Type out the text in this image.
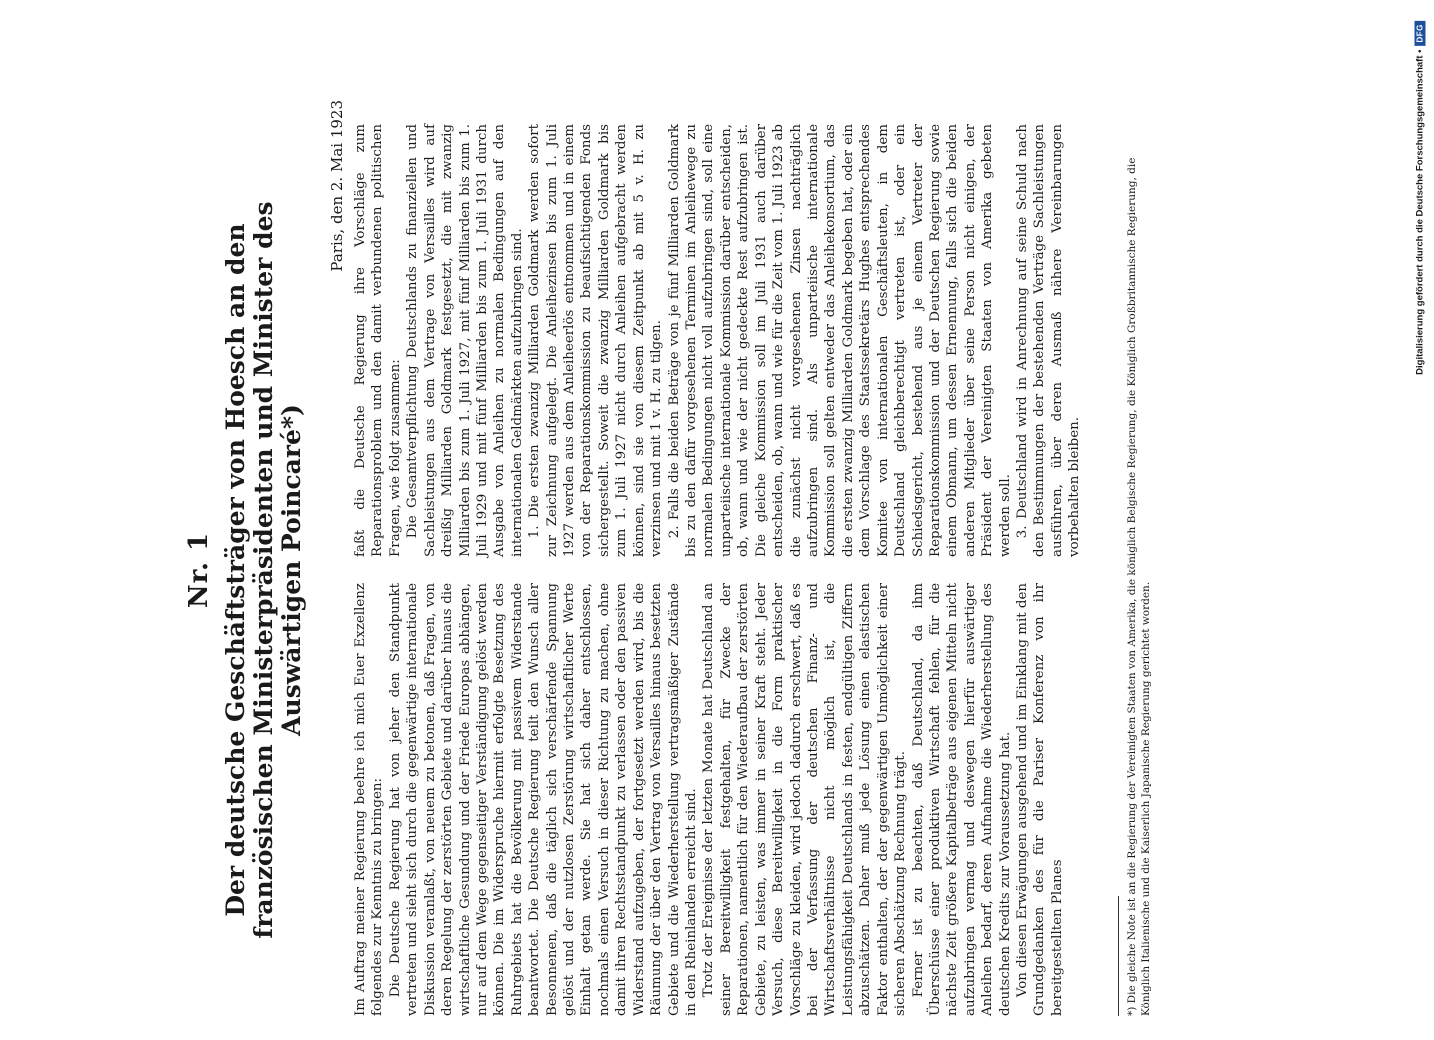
Nr. 1 Der deutsche Geschäftsträger von Hoesch an den französischen Ministerpräsidenten und Minister des Auswärtigen Poincaré*)
Paris, den 2. Mai 1923

Im Auftrag meiner Regierung beehre ich mich Euer Exzellenz folgendes zur Kenntnis zu bringen: Die Deutsche Regierung hat von jeher den Standpunkt vertreten und sieht sich durch die gegenwärtige internationale Diskussion veranlaßt, von neuem zu betonen, daß Fragen, von deren Regelung der zerstörten Gebiete und darüber hinaus die wirtschaftliche Gesundung und der Friede Europas abhängen, nur auf dem Wege gegenseitiger Verständigung gelöst werden können. Die im Widerspruche hiermit erfolgte Besetzung des Ruhrgebiets hat die Bevölkerung mit passivem Widerstande beantwortet. Die Deutsche Regierung teilt den Wunsch aller Besonnenen, daß die täglich sich verschärfende Spannung gelöst und der nutzlosen Zerstörung wirtschaftlicher Werte Einhalt getan werde. Sie hat sich daher entschlossen, nochmals einen Versuch in dieser Richtung zu machen, ohne damit ihren Rechtsstandpunkt zu verlassen oder den passiven Widerstand aufzugeben, der fortgesetzt werden wird, bis die Räumung der über den Vertrag von Versailles hinaus besetzten Gebiete und die Wiederherstellung vertragsmäßiger Zustände in den Rheinlanden erreicht sind. Trotz der Ereignisse der letzten Monate hat Deutschland an seiner Bereitwilligkeit festgehalten, für Zwecke der Reparationen, namentlich für den Wiederaufbau der zerstörten Gebiete, zu leisten, was immer in seiner Kraft steht. Jeder Versuch, diese Bereitwilligkeit in die Form praktischer Vorschläge zu kleiden, wird jedoch dadurch erschwert, daß es bei der Verfassung der deutschen Finanz- und Wirtschaftsverhältnisse nicht möglich ist, die Leistungsfähigkeit Deutschlands in festen, endgültigen Ziffern abzuschätzen. Daher muß jede Lösung einen elastischen Faktor enthalten, der der gegenwärtigen Unmöglichkeit einer sicheren Abschätzung Rechnung trägt. Ferner ist zu beachten, daß Deutschland, da ihm Überschüsse einer produktiven Wirtschaft fehlen, für die nächste Zeit größere Kapitalbeträge aus eigenen Mitteln nicht aufzubringen vermag und deswegen hierfür auswärtiger Anleihen bedarf, deren Aufnahme die Wiederherstellung des deutschen Kredits zur Voraussetzung hat. Von diesen Erwägungen ausgehend und im Einklang mit den Grundgedanken des für die Pariser Konferenz von ihr bereitgestellten Planes

faßt die Deutsche Regierung ihre Vorschläge zum Reparationsproblem und den damit verbundenen politischen Fragen, wie folgt zusammen: Die Gesamtverpflichtung Deutschlands zu finanziellen und Sachleistungen aus dem Vertrage von Versailles wird auf dreißig Milliarden Goldmark festgesetzt, die mit zwanzig Milliarden bis zum 1. Juli 1927, mit fünf Milliarden bis zum 1. Juli 1929 und mit fünf Milliarden bis zum 1. Juli 1931 durch Ausgabe von Anleihen zu normalen Bedingungen auf den internationalen Geldmärkten aufzubringen sind. 1. Die ersten zwanzig Milliarden Goldmark werden sofort zur Zeichnung aufgelegt. Die Anleihezinsen bis zum 1. Juli 1927 werden aus dem Anleiheerlös entnommen und in einem von der Reparationskommission zu beaufsichtigenden Fonds sichergestellt. Soweit die zwanzig Milliarden Goldmark bis zum 1. Juli 1927 nicht durch Anleihen aufgebracht werden können, sind sie von diesem Zeitpunkt ab mit 5 v. H. zu verzinsen und mit 1 v. H. zu tilgen. 2. Falls die beiden Beträge von je fünf Milliarden Goldmark bis zu den dafür vorgesehenen Terminen im Anleihewege zu normalen Bedingungen nicht voll aufzubringen sind, soll eine unparteiische internationale Kommission darüber entscheiden, ob, wann und wie der nicht gedeckte Rest aufzubringen ist. Die gleiche Kommission soll im Juli 1931 auch darüber entscheiden, ob, wann und wie für die Zeit vom 1. Juli 1923 ab die zunächst nicht vorgesehenen Zinsen nachträglich aufzubringen sind. Als unparteiische internationale Kommission soll gelten entweder das Anleihekonsortium, das die ersten zwanzig Milliarden Goldmark begeben hat, oder ein dem Vorschlage des Staatssekretärs Hughes entsprechendes Komitee von internationalen Geschäftsleuten, in dem Deutschland gleichberechtigt vertreten ist, oder ein Schiedsgericht, bestehend aus je einem Vertreter der Reparationskommission und der Deutschen Regierung sowie einem Obmann, um dessen Ernennung, falls sich die beiden anderen Mitglieder über seine Person nicht einigen, der Präsident der Vereinigten Staaten von Amerika gebeten werden soll. 3. Deutschland wird in Anrechnung auf seine Schuld nach den Bestimmungen der bestehenden Verträge Sachleistungen ausführen, über deren Ausmaß nähere Vereinbarungen vorbehalten bleiben.	*) Die gleiche Note ist an die Regierung der Vereinigten Staaten von Amerika, die königlich Belgische Regierung, die Königlich Großbritannische Regierung, die Königlich Italienische und die Kaiserlich Japanische Regierung gerichtet worden.
Digitalisierung gefördert durch die Deutsche Forschungsgemeinschaft •
DFG
